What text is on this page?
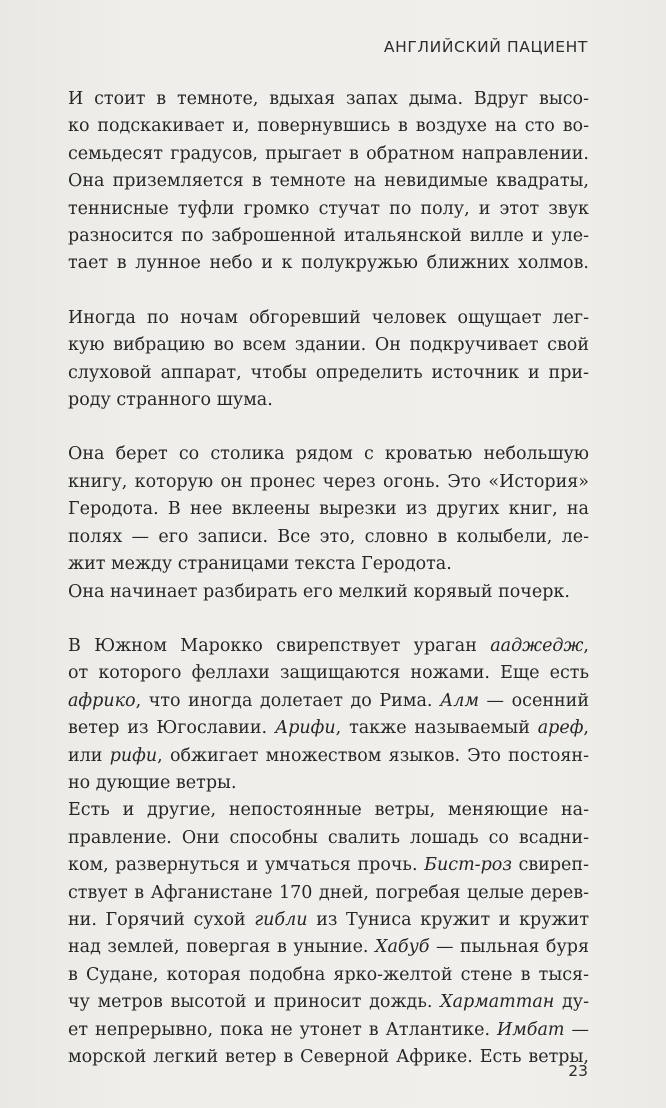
АНГЛИЙСКИЙ ПАЦИЕНТ
И стоит в темноте, вдыхая запах дыма. Вдруг высо-
ко подскакивает и, повернувшись в воздухе на сто во-
семьдесят градусов, прыгает в обратном направлении.
Она приземляется в темноте на невидимые квадраты,
теннисные туфли громко стучат по полу, и этот звук
разносится по заброшенной итальянской вилле и уле-
тает в лунное небо и к полукружью ближних холмов.
Иногда по ночам обгоревший человек ощущает лег-
кую вибрацию во всем здании. Он подкручивает свой
слуховой аппарат, чтобы определить источник и при-
роду странного шума.
Она берет со столика рядом с кроватью небольшую
книгу, которую он пронес через огонь. Это «История»
Геродота. В нее вклеены вырезки из других книг, на
полях — его записи. Все это, словно в колыбели, ле-
жит между страницами текста Геродота.
Она начинает разбирать его мелкий корявый почерк.
В Южном Марокко свирепствует ураган ааджедж,
от которого феллахи защищаются ножами. Еще есть
африко, что иногда долетает до Рима. Алм — осенний
ветер из Югославии. Арифи, также называемый ареф,
или рифи, обжигает множеством языков. Это постоян-
но дующие ветры.
Есть и другие, непостоянные ветры, меняющие на-
правление. Они способны свалить лошадь со всадни-
ком, развернуться и умчаться прочь. Бист-роз свиреп-
ствует в Афганистане 170 дней, погребая целые дерев-
ни. Горячий сухой гибли из Туниса кружит и кружит
над землей, повергая в уныние. Хабуб — пыльная буря
в Судане, которая подобна ярко-желтой стене в тыся-
чу метров высотой и приносит дождь. Харматтан ду-
ет непрерывно, пока не утонет в Атлантике. Имбат —
морской легкий ветер в Северной Африке. Есть ветры,
23
